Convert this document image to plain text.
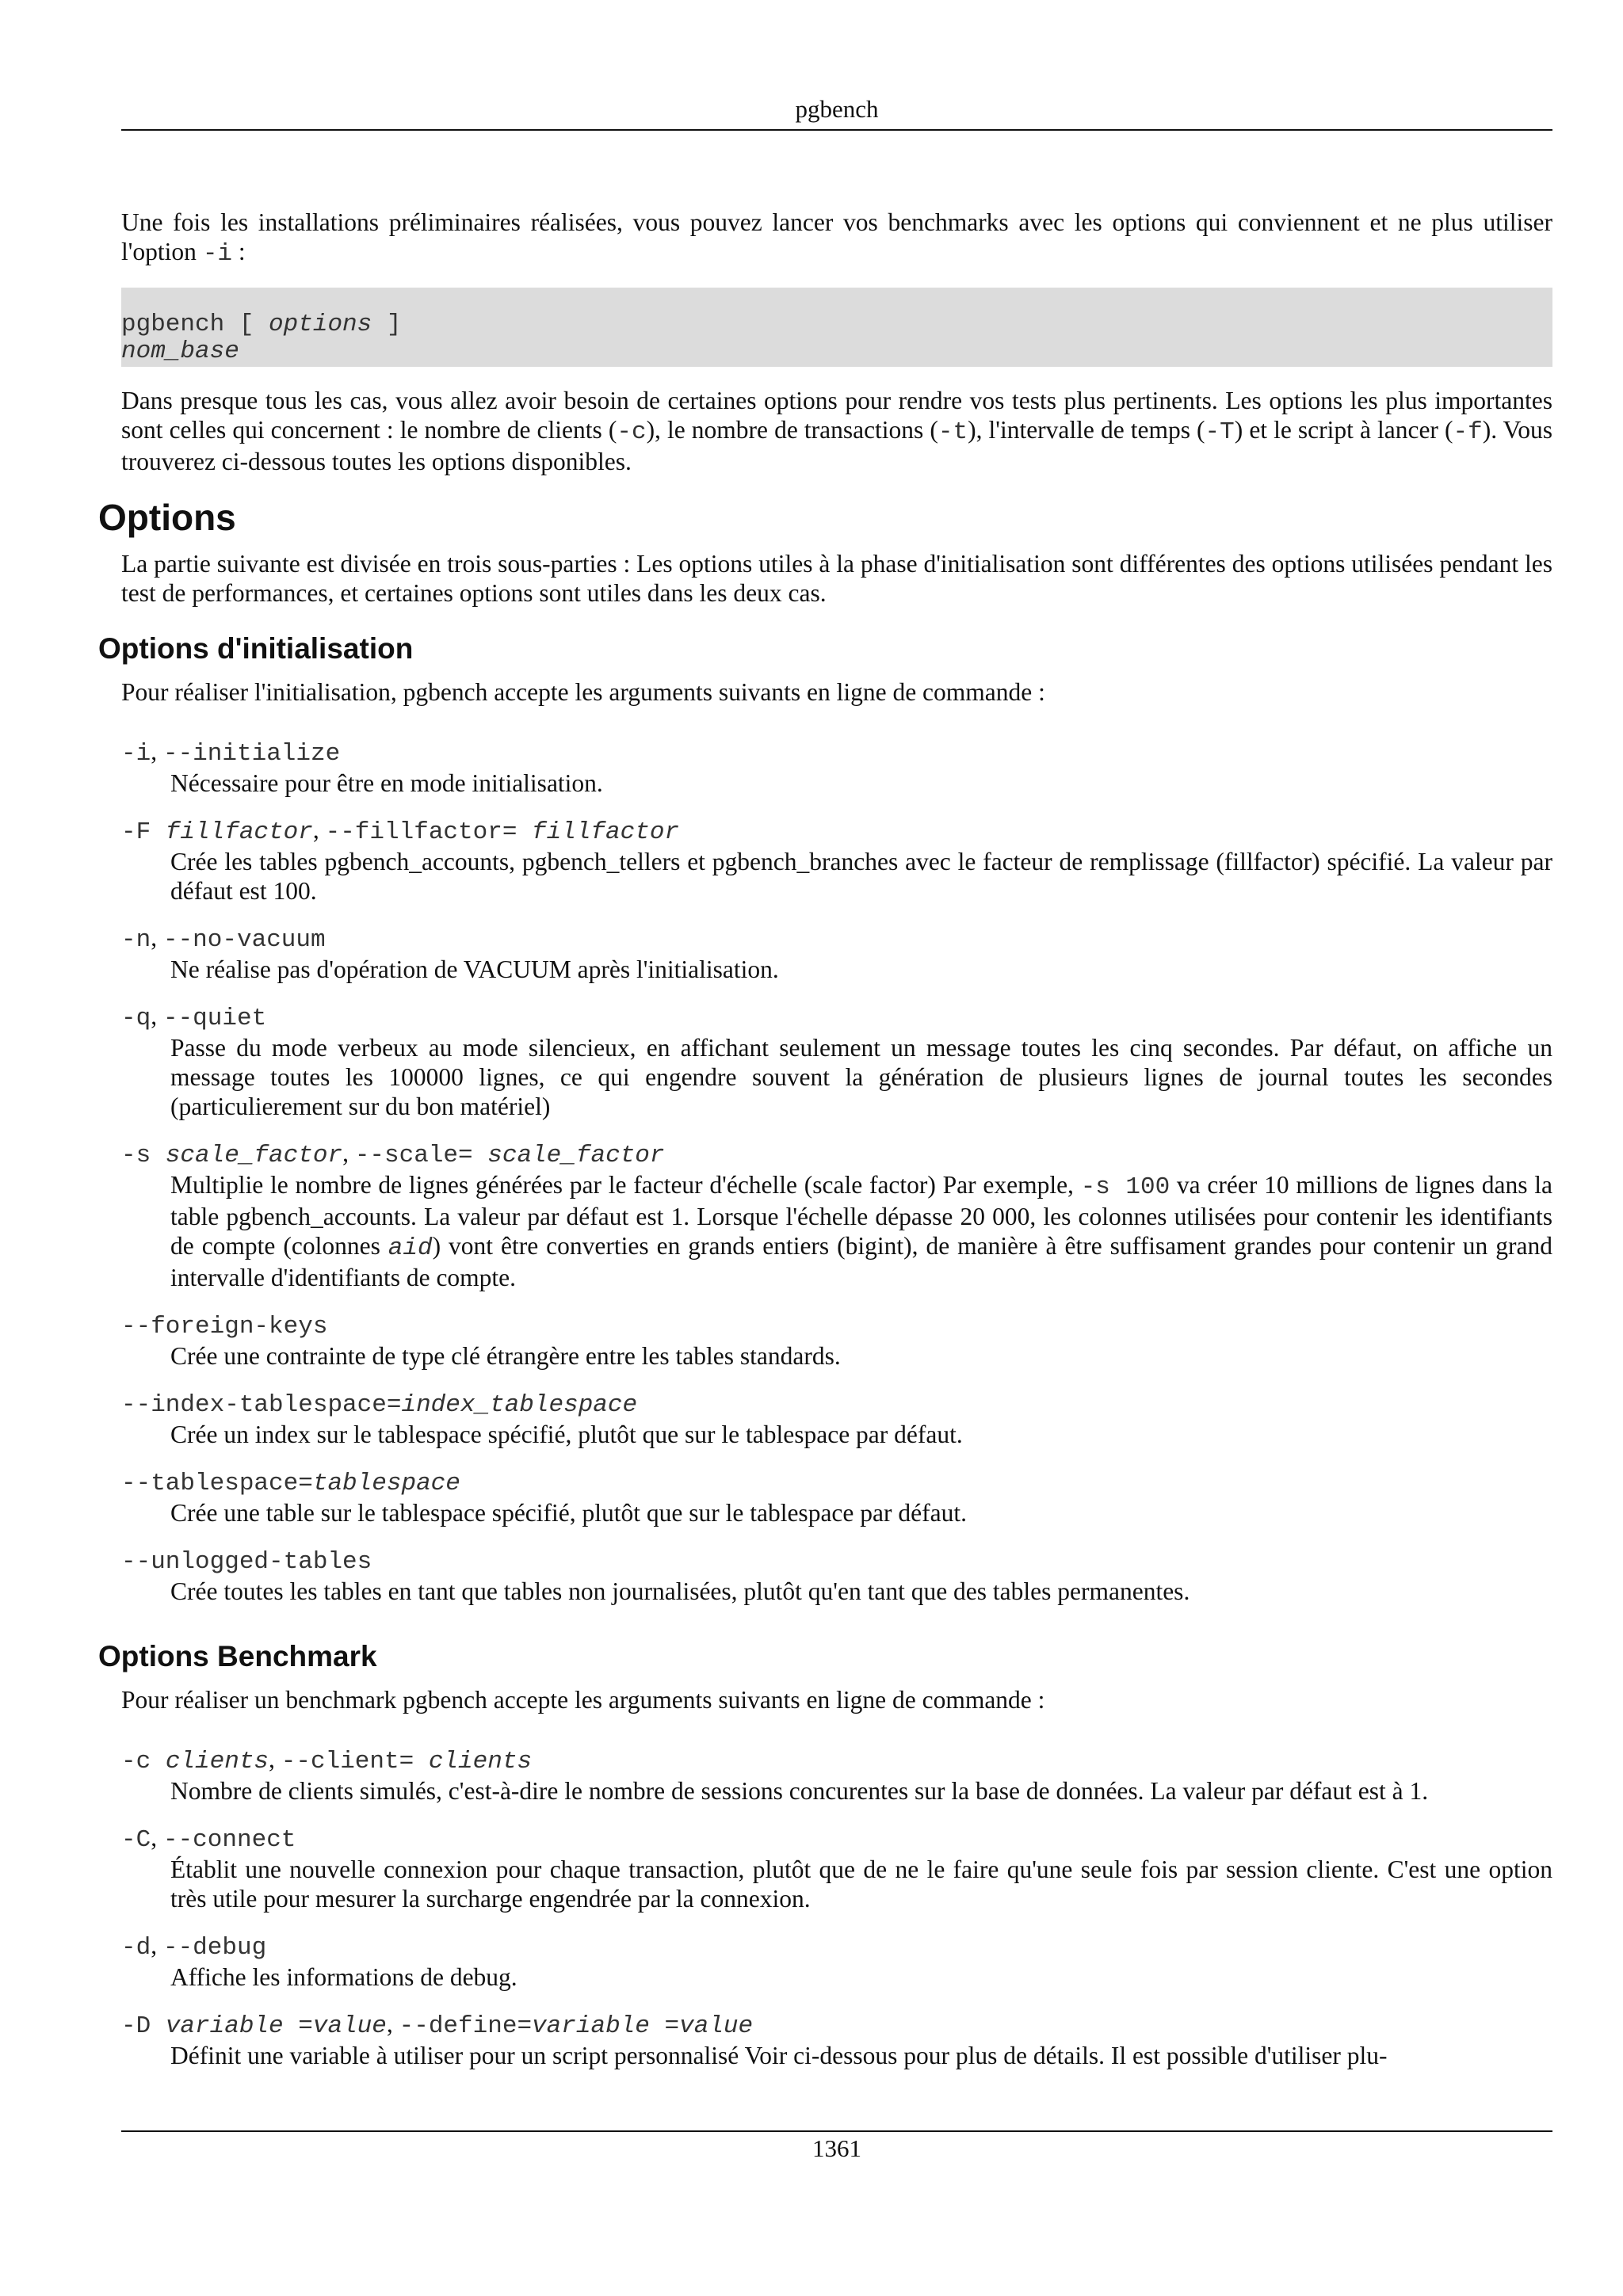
pgbench

Une fois les installations préliminaires réalisées, vous pouvez lancer vos benchmarks avec les options qui conviennent et ne plus utiliser l'option -i :

pgbench [ options ]
nom_base

Dans presque tous les cas, vous allez avoir besoin de certaines options pour rendre vos tests plus pertinents. Les options les plus importantes sont celles qui concernent : le nombre de clients (-c), le nombre de transactions (-t), l'intervalle de temps (-T) et le script à lancer (-f). Vous trouverez ci-dessous toutes les options disponibles.

Options

La partie suivante est divisée en trois sous-parties : Les options utiles à la phase d'initialisation sont différentes des options utilisées pendant les test de performances, et certaines options sont utiles dans les deux cas.

Options d'initialisation

Pour réaliser l'initialisation, pgbench accepte les arguments suivants en ligne de commande :

-i, --initialize
Nécessaire pour être en mode initialisation.
-F fillfactor, --fillfactor= fillfactor
Crée les tables pgbench_accounts, pgbench_tellers et pgbench_branches avec le facteur de remplissage (fillfactor) spécifié. La valeur par défaut est 100.
-n, --no-vacuum
Ne réalise pas d'opération de VACUUM après l'initialisation.
-q, --quiet
Passe du mode verbeux au mode silencieux, en affichant seulement un message toutes les cinq secondes. Par défaut, on affiche un message toutes les 100000 lignes, ce qui engendre souvent la génération de plusieurs lignes de journal toutes les secondes (particulierement sur du bon matériel)
-s scale_factor, --scale= scale_factor
Multiplie le nombre de lignes générées par le facteur d'échelle (scale factor) Par exemple, -s 100 va créer 10 millions de lignes dans la table pgbench_accounts. La valeur par défaut est 1. Lorsque l'échelle dépasse 20 000, les colonnes utilisées pour contenir les identifiants de compte (colonnes aid) vont être converties en grands entiers (bigint), de manière à être suffisament grandes pour contenir un grand intervalle d'identifiants de compte.
--foreign-keys
Crée une contrainte de type clé étrangère entre les tables standards.
--index-tablespace=index_tablespace
Crée un index sur le tablespace spécifié, plutôt que sur le tablespace par défaut.
--tablespace=tablespace
Crée une table sur le tablespace spécifié, plutôt que sur le tablespace par défaut.
--unlogged-tables
Crée toutes les tables en tant que tables non journalisées, plutôt qu'en tant que des tables permanentes.
Options Benchmark

Pour réaliser un benchmark pgbench accepte les arguments suivants en ligne de commande :

-c clients, --client= clients
Nombre de clients simulés, c'est-à-dire le nombre de sessions concurentes sur la base de données. La valeur par défaut est à 1.
-C, --connect
Établit une nouvelle connexion pour chaque transaction, plutôt que de ne le faire qu'une seule fois par session cliente. C'est une option très utile pour mesurer la surcharge engendrée par la connexion.
-d, --debug
Affiche les informations de debug.
-D variable =value, --define=variable =value
Définit une variable à utiliser pour un script personnalisé Voir ci-dessous pour plus de détails. Il est possible d'utiliser plu-
1361
